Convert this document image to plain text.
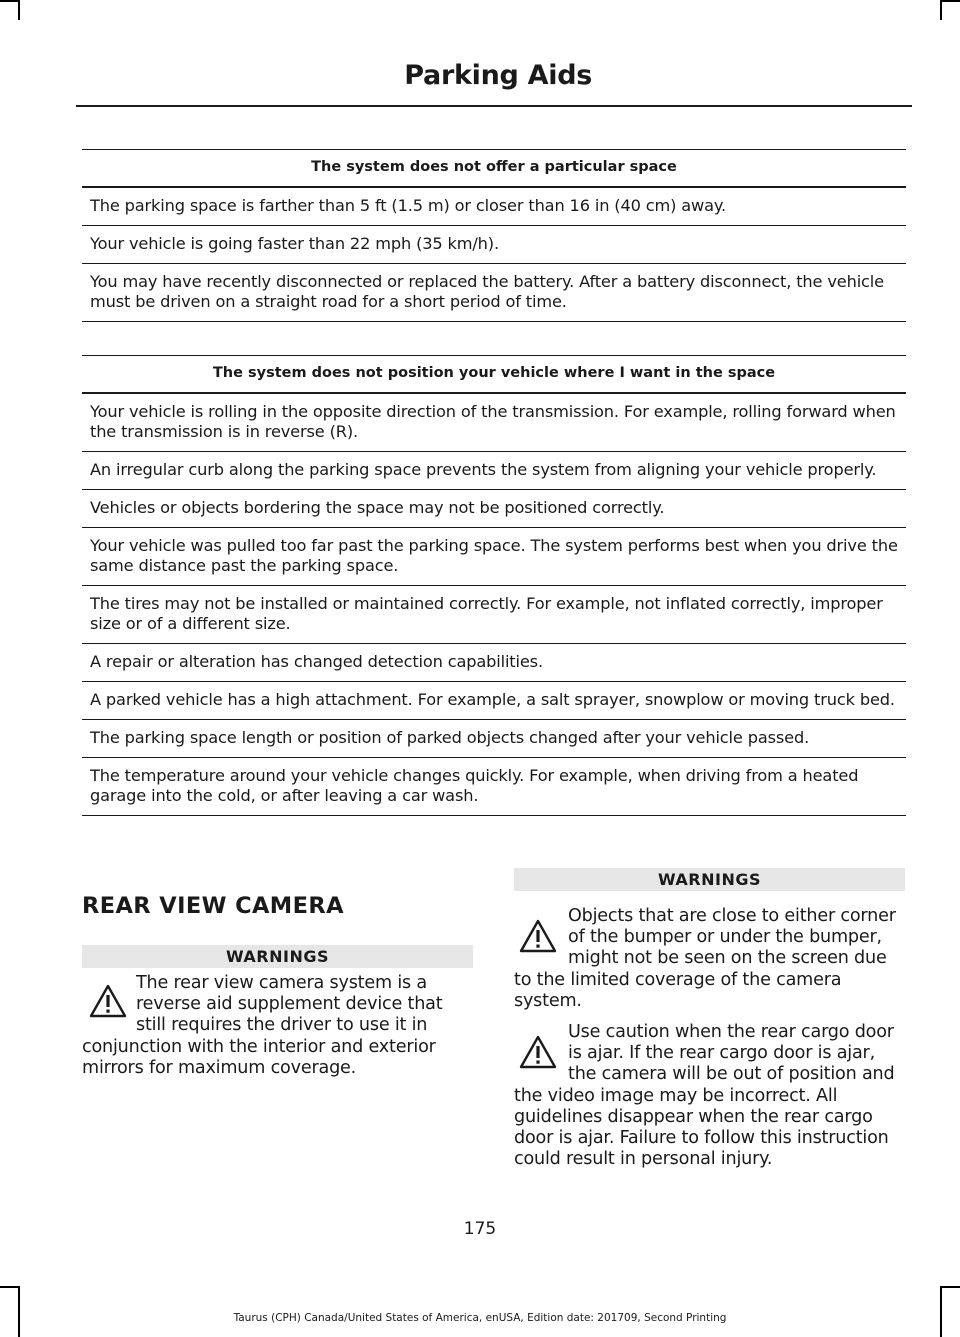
Parking Aids
The system does not offer a particular space
The parking space is farther than 5 ft (1.5 m) or closer than 16 in (40 cm) away.
Your vehicle is going faster than 22 mph (35 km/h).
You may have recently disconnected or replaced the battery. After a battery disconnect, the vehicle must be driven on a straight road for a short period of time.
The system does not position your vehicle where I want in the space
Your vehicle is rolling in the opposite direction of the transmission. For example, rolling forward when the transmission is in reverse (R).
An irregular curb along the parking space prevents the system from aligning your vehicle properly.
Vehicles or objects bordering the space may not be positioned correctly.
Your vehicle was pulled too far past the parking space. The system performs best when you drive the same distance past the parking space.
The tires may not be installed or maintained correctly. For example, not inflated correctly, improper size or of a different size.
A repair or alteration has changed detection capabilities.
A parked vehicle has a high attachment. For example, a salt sprayer, snowplow or moving truck bed.
The parking space length or position of parked objects changed after your vehicle passed.
The temperature around your vehicle changes quickly. For example, when driving from a heated garage into the cold, or after leaving a car wash.
REAR VIEW CAMERA
WARNINGS

The rear view camera system is a reverse aid supplement device that still requires the driver to use it in conjunction with the interior and exterior mirrors for maximum coverage.

WARNINGS

Objects that are close to either corner of the bumper or under the bumper, might not be seen on the screen due to the limited coverage of the camera system.

Use caution when the rear cargo door is ajar. If the rear cargo door is ajar, the camera will be out of position and the video image may be incorrect. All guidelines disappear when the rear cargo door is ajar. Failure to follow this instruction could result in personal injury.

175

Taurus (CPH) Canada/United States of America, enUSA, Edition date: 201709, Second Printing
